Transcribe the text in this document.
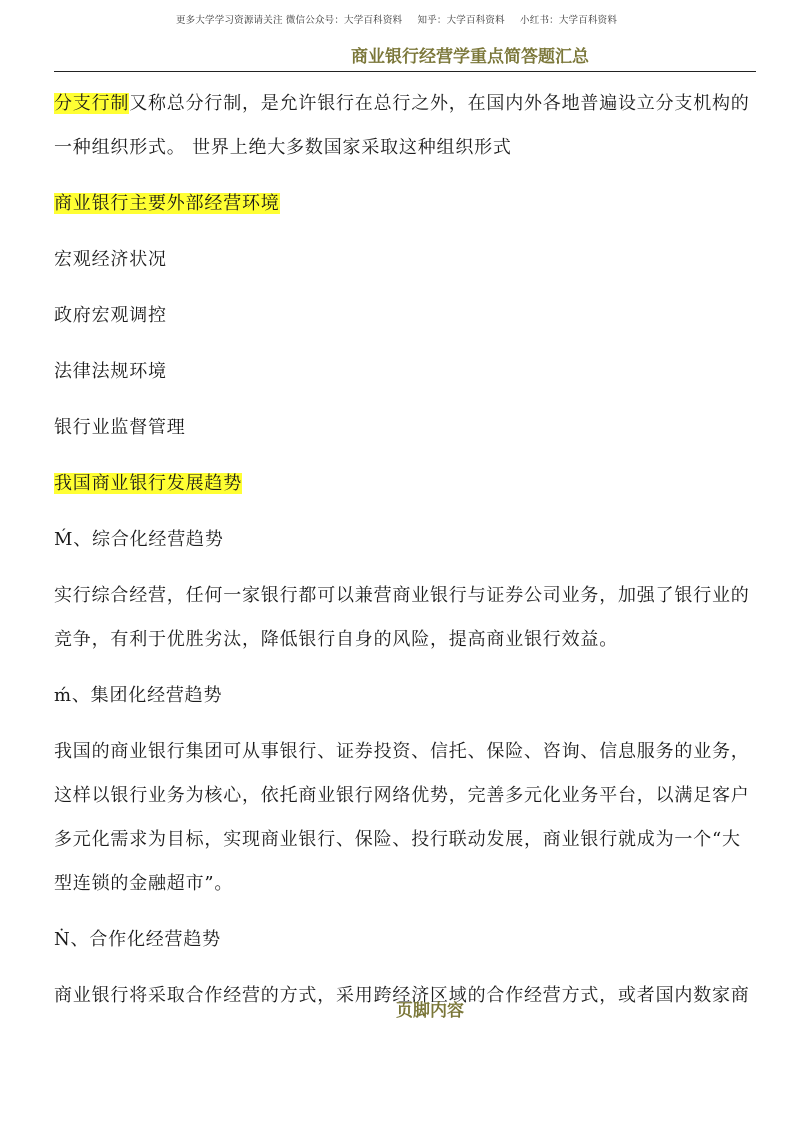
更多大学学习资源请关注 微信公众号：大学百科资料 知乎：大学百科资料 小红书：大学百科资料
商业银行经营学重点简答题汇总

分支行制又称总分行制，是允许银行在总行之外，在国内外各地普遍设立分支机构的一种组织形式。 世界上绝大多数国家采取这种组织形式

商业银行主要外部经营环境

宏观经济状况

政府宏观调控

法律法规环境

银行业监督管理

我国商业银行发展趋势

Ḿ、综合化经营趋势

实行综合经营，任何一家银行都可以兼营商业银行与证券公司业务，加强了银行业的竞争，有利于优胜劣汰，降低银行自身的风险，提高商业银行效益。

ḿ、集团化经营趋势

我国的商业银行集团可从事银行、证券投资、信托、保险、咨询、信息服务的业务，这样以银行业务为核心，依托商业银行网络优势，完善多元化业务平台，以满足客户多元化需求为目标，实现商业银行、保险、投行联动发展，商业银行就成为一个“大型连锁的金融超市”。

Ṅ、合作化经营趋势

商业银行将采取合作经营的方式，采用跨经济区域的合作经营方式，或者国内数家商

页脚内容
